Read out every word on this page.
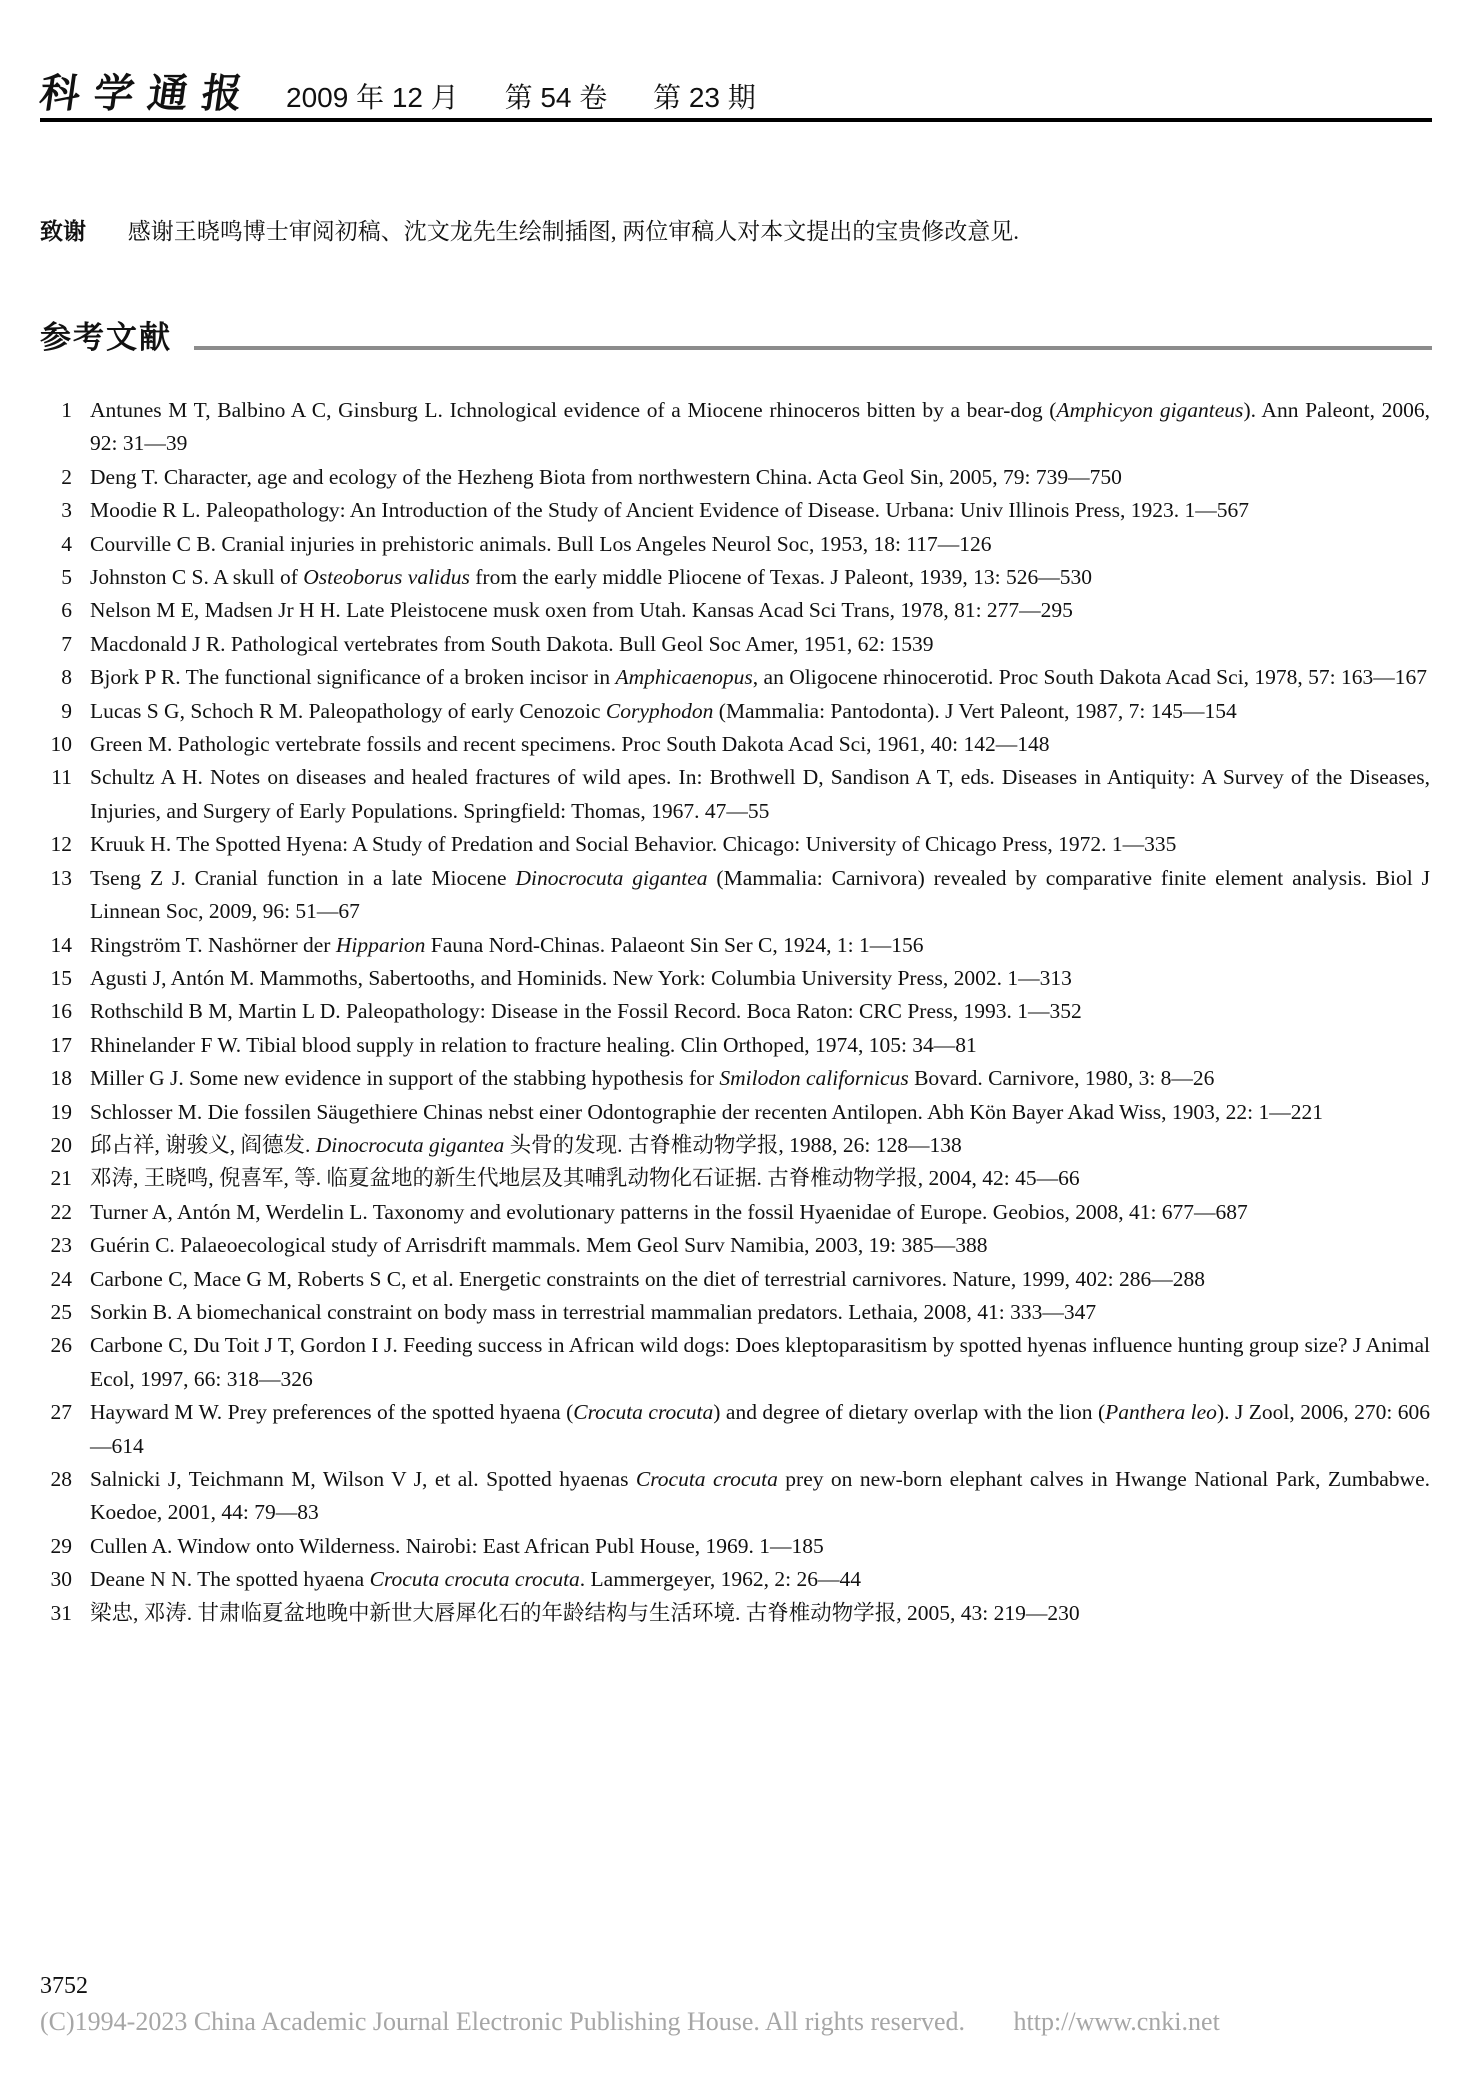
科学通报 2009 年 12 月 第 54 卷 第 23 期
致谢 感谢王晓鸣博士审阅初稿、沈文龙先生绘制插图, 两位审稿人对本文提出的宝贵修改意见.
参考文献
1 Antunes M T, Balbino A C, Ginsburg L. Ichnological evidence of a Miocene rhinoceros bitten by a bear-dog (Amphicyon giganteus). Ann Paleont, 2006, 92: 31—39
2 Deng T. Character, age and ecology of the Hezheng Biota from northwestern China. Acta Geol Sin, 2005, 79: 739—750
3 Moodie R L. Paleopathology: An Introduction of the Study of Ancient Evidence of Disease. Urbana: Univ Illinois Press, 1923. 1—567
4 Courville C B. Cranial injuries in prehistoric animals. Bull Los Angeles Neurol Soc, 1953, 18: 117—126
5 Johnston C S. A skull of Osteoborus validus from the early middle Pliocene of Texas. J Paleont, 1939, 13: 526—530
6 Nelson M E, Madsen Jr H H. Late Pleistocene musk oxen from Utah. Kansas Acad Sci Trans, 1978, 81: 277—295
7 Macdonald J R. Pathological vertebrates from South Dakota. Bull Geol Soc Amer, 1951, 62: 1539
8 Bjork P R. The functional significance of a broken incisor in Amphicaenopus, an Oligocene rhinocerotid. Proc South Dakota Acad Sci, 1978, 57: 163—167
9 Lucas S G, Schoch R M. Paleopathology of early Cenozoic Coryphodon (Mammalia: Pantodonta). J Vert Paleont, 1987, 7: 145—154
10 Green M. Pathologic vertebrate fossils and recent specimens. Proc South Dakota Acad Sci, 1961, 40: 142—148
11 Schultz A H. Notes on diseases and healed fractures of wild apes. In: Brothwell D, Sandison A T, eds. Diseases in Antiquity: A Survey of the Diseases, Injuries, and Surgery of Early Populations. Springfield: Thomas, 1967. 47—55
12 Kruuk H. The Spotted Hyena: A Study of Predation and Social Behavior. Chicago: University of Chicago Press, 1972. 1—335
13 Tseng Z J. Cranial function in a late Miocene Dinocrocuta gigantea (Mammalia: Carnivora) revealed by comparative finite element analysis. Biol J Linnean Soc, 2009, 96: 51—67
14 Ringström T. Nashörner der Hipparion Fauna Nord-Chinas. Palaeont Sin Ser C, 1924, 1: 1—156
15 Agusti J, Antón M. Mammoths, Sabertooths, and Hominids. New York: Columbia University Press, 2002. 1—313
16 Rothschild B M, Martin L D. Paleopathology: Disease in the Fossil Record. Boca Raton: CRC Press, 1993. 1—352
17 Rhinelander F W. Tibial blood supply in relation to fracture healing. Clin Orthoped, 1974, 105: 34—81
18 Miller G J. Some new evidence in support of the stabbing hypothesis for Smilodon californicus Bovard. Carnivore, 1980, 3: 8—26
19 Schlosser M. Die fossilen Säugethiere Chinas nebst einer Odontographie der recenten Antilopen. Abh Kön Bayer Akad Wiss, 1903, 22: 1—221
20 邱占祥, 谢骏义, 阎德发. Dinocrocuta gigantea 头骨的发现. 古脊椎动物学报, 1988, 26: 128—138
21 邓涛, 王晓鸣, 倪喜军, 等. 临夏盆地的新生代地层及其哺乳动物化石证据. 古脊椎动物学报, 2004, 42: 45—66
22 Turner A, Antón M, Werdelin L. Taxonomy and evolutionary patterns in the fossil Hyaenidae of Europe. Geobios, 2008, 41: 677—687
23 Guérin C. Palaeoecological study of Arrisdrift mammals. Mem Geol Surv Namibia, 2003, 19: 385—388
24 Carbone C, Mace G M, Roberts S C, et al. Energetic constraints on the diet of terrestrial carnivores. Nature, 1999, 402: 286—288
25 Sorkin B. A biomechanical constraint on body mass in terrestrial mammalian predators. Lethaia, 2008, 41: 333—347
26 Carbone C, Du Toit J T, Gordon I J. Feeding success in African wild dogs: Does kleptoparasitism by spotted hyenas influence hunting group size? J Animal Ecol, 1997, 66: 318—326
27 Hayward M W. Prey preferences of the spotted hyaena (Crocuta crocuta) and degree of dietary overlap with the lion (Panthera leo). J Zool, 2006, 270: 606—614
28 Salnicki J, Teichmann M, Wilson V J, et al. Spotted hyaenas Crocuta crocuta prey on new-born elephant calves in Hwange National Park, Zumbabwe. Koedoe, 2001, 44: 79—83
29 Cullen A. Window onto Wilderness. Nairobi: East African Publ House, 1969. 1—185
30 Deane N N. The spotted hyaena Crocuta crocuta crocuta. Lammergeyer, 1962, 2: 26—44
31 梁忠, 邓涛. 甘肃临夏盆地晚中新世大唇犀化石的年龄结构与生活环境. 古脊椎动物学报, 2005, 43: 219—230
3752
(C)1994-2023 China Academic Journal Electronic Publishing House. All rights reserved. http://www.cnki.net
